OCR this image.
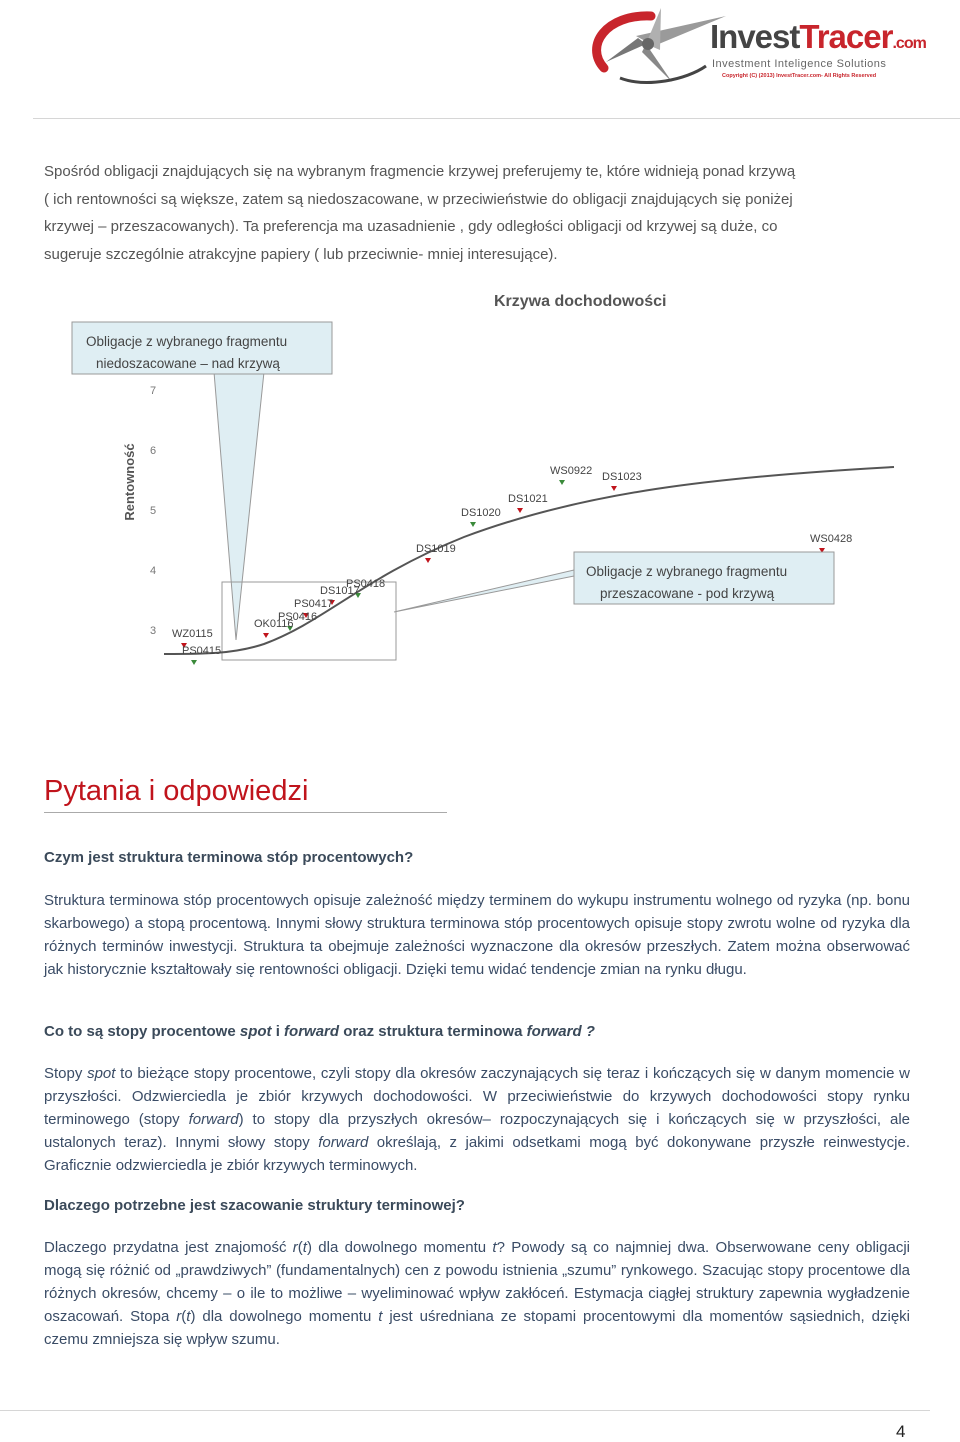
InvestTracer.com
Investment Inteligence Solutions
Copyright (C) (2013) InvestTracer.com- All Rights Reserved

Spośród obligacji znajdujących się na wybranym fragmencie krzywej preferujemy te, które widnieją ponad krzywą

( ich rentowności są większe, zatem są niedoszacowane, w przeciwieństwie do obligacji znajdujących się poniżej

krzywej – przeszacowanych). Ta preferencja ma uzasadnienie , gdy odległości obligacji od krzywej są duże, co

sugeruje szczególnie atrakcyjne papiery ( lub przeciwnie- mniej interesujące).

Krzywa dochodowości
Rentowność
3
4
5
6
7
WS0922 DS1023
DS1021
DS1020
WS0428
DS1019
PS0418
DS1017
PS0417
PS0416
OK0116
WZ0115
PS0415
Obligacje z wybranego fragmentu
niedoszacowane – nad krzywą
Obligacje z wybranego fragmentu
przeszacowane - pod krzywą
Pytania i odpowiedzi

Czym jest struktura terminowa stóp procentowych?

Struktura terminowa stóp procentowych opisuje zależność między terminem do wykupu instrumentu wolnego od ryzyka (np. bonu skarbowego) a stopą procentową. Innymi słowy struktura terminowa stóp procentowych opisuje stopy zwrotu wolne od ryzyka dla różnych terminów inwestycji. Struktura ta obejmuje zależności wyznaczone dla okresów przeszłych. Zatem można obserwować jak historycznie kształtowały się rentowności obligacji. Dzięki temu widać tendencje zmian na rynku długu.

Co to są stopy procentowe spot i forward oraz struktura terminowa forward ?

Stopy spot to bieżące stopy procentowe, czyli stopy dla okresów zaczynających się teraz i kończących się w danym momencie w przyszłości. Odzwierciedla je zbiór krzywych dochodowości. W przeciwieństwie do krzywych dochodowości stopy rynku terminowego (stopy forward) to stopy dla przyszłych okresów– rozpoczynających się i kończących się w przyszłości, ale ustalonych teraz). Innymi słowy stopy forward określają, z jakimi odsetkami mogą być dokonywane przyszłe reinwestycje. Graficznie odzwierciedla je zbiór krzywych terminowych.

Dlaczego potrzebne jest szacowanie struktury terminowej?

Dlaczego przydatna jest znajomość r(t) dla dowolnego momentu t? Powody są co najmniej dwa. Obserwowane ceny obligacji mogą się różnić od „prawdziwych” (fundamentalnych) cen z powodu istnienia „szumu” rynkowego. Szacując stopy procentowe dla różnych okresów, chcemy – o ile to możliwe – wyeliminować wpływ zakłóceń. Estymacja ciągłej struktury zapewnia wygładzenie oszacowań. Stopa r(t) dla dowolnego momentu t jest uśredniana ze stopami procentowymi dla momentów sąsiednich, dzięki czemu zmniejsza się wpływ szumu.

4
